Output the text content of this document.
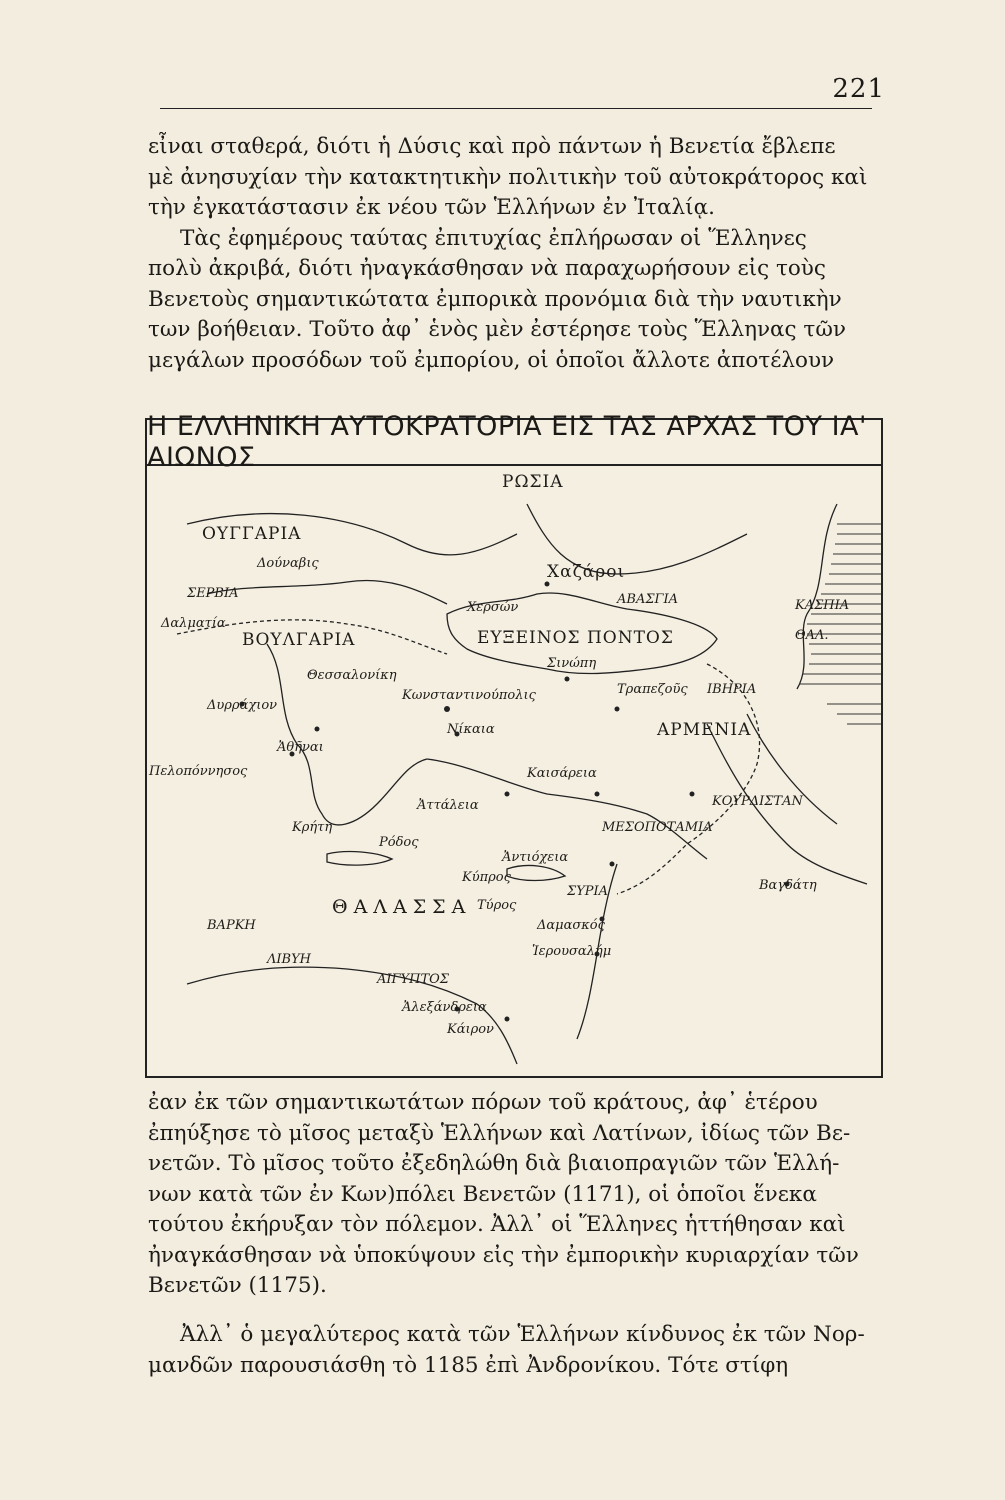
221
εἶναι σταθερά, διότι ἡ Δύσις καὶ πρὸ πάντων ἡ Βενετία ἔβλεπε
μὲ ἀνησυχίαν τὴν κατακτητικὴν πολιτικὴν τοῦ αὐτοκράτορος καὶ
τὴν ἐγκατάστασιν ἐκ νέου τῶν Ἑλλήνων ἐν Ἰταλίᾳ.
Τὰς ἐφημέρους ταύτας ἐπιτυχίας ἐπλήρωσαν οἱ Ἕλληνες
πολὺ ἀκριβά, διότι ἠναγκάσθησαν νὰ παραχωρήσουν εἰς τοὺς
Βενετοὺς σημαντικώτατα ἐμπορικὰ προνόμια διὰ τὴν ναυτικὴν
των βοήθειαν. Τοῦτο ἀφ᾽ ἑνὸς μὲν ἐστέρησε τοὺς Ἕλληνας τῶν
μεγάλων προσόδων τοῦ ἐμπορίου, οἱ ὁποῖοι ἄλλοτε ἀποτέλουν
Η ΕΛΛΗΝΙΚΗ ΑΥΤΟΚΡΑΤΟΡΙΑ ΕΙΣ ΤΑΣ ΑΡΧΑΣ ΤΟΥ ΙΑ' ΑΙΩΝΟΣ
ΡΩΣΙΑ
ΟΥΓΓΑΡΙΑ
ΣΕΡΒΙΑ
Δαλματία
ΒΟΥΛΓΑΡΙΑ
Χαζάροι
ΑΒΑΣΓΙΑ
ΕΥΞΕΙΝΟΣ ΠΟΝΤΟΣ
ΚΑΣΠΙΑ
ΘΑΛ.
ΑΡΜΕΝΙΑ
Τραπεζοῦς ΙΒΗΡΙΑ
Πελοπόννησος
Κρήτη
Ρόδος
Κύπρος
ΣΥΡΙΑ
ΜΕΣΟΠΟΤΑΜΙΑ
ΚΟΥΡΔΙΣΤΑΝ
Βαγδάτη
ΘΑΛΑΣΣΑ
ΒΑΡΚΗ
ΛΙΒΥΗ
ΑΙΓΥΠΤΟΣ
Δαμασκός
Ἱερουσαλήμ
Ἀντιόχεια
Ἀττάλεια
Καισάρεια
Κωνσταντινούπολις
Θεσσαλονίκη
Δυρράχιον
Ἀθῆναι
Νίκαια
Σινώπη
Χερσών
Ἀλεξάνδρεια
Κάιρον
Τύρος
Δούναβις
ἐαν ἐκ τῶν σημαντικωτάτων πόρων τοῦ κράτους, ἀφ᾽ ἑτέρου
ἐπηύξησε τὸ μῖσος μεταξὺ Ἑλλήνων καὶ Λατίνων, ἰδίως τῶν Βε-
νετῶν. Τὸ μῖσος τοῦτο ἐξεδηλώθη διὰ βιαιοπραγιῶν τῶν Ἑλλή-
νων κατὰ τῶν ἐν Κων)πόλει Βενετῶν (1171), οἱ ὁποῖοι ἕνεκα
τούτου ἐκήρυξαν τὸν πόλεμον. Ἀλλ᾽ οἱ Ἕλληνες ἡττήθησαν καὶ
ἠναγκάσθησαν νὰ ὑποκύψουν εἰς τὴν ἐμπορικὴν κυριαρχίαν τῶν
Βενετῶν (1175).
Ἀλλ᾽ ὁ μεγαλύτερος κατὰ τῶν Ἑλλήνων κίνδυνος ἐκ τῶν Νορ-
μανδῶν παρουσιάσθη τὸ 1185 ἐπὶ Ἀνδρονίκου. Τότε στίφη
